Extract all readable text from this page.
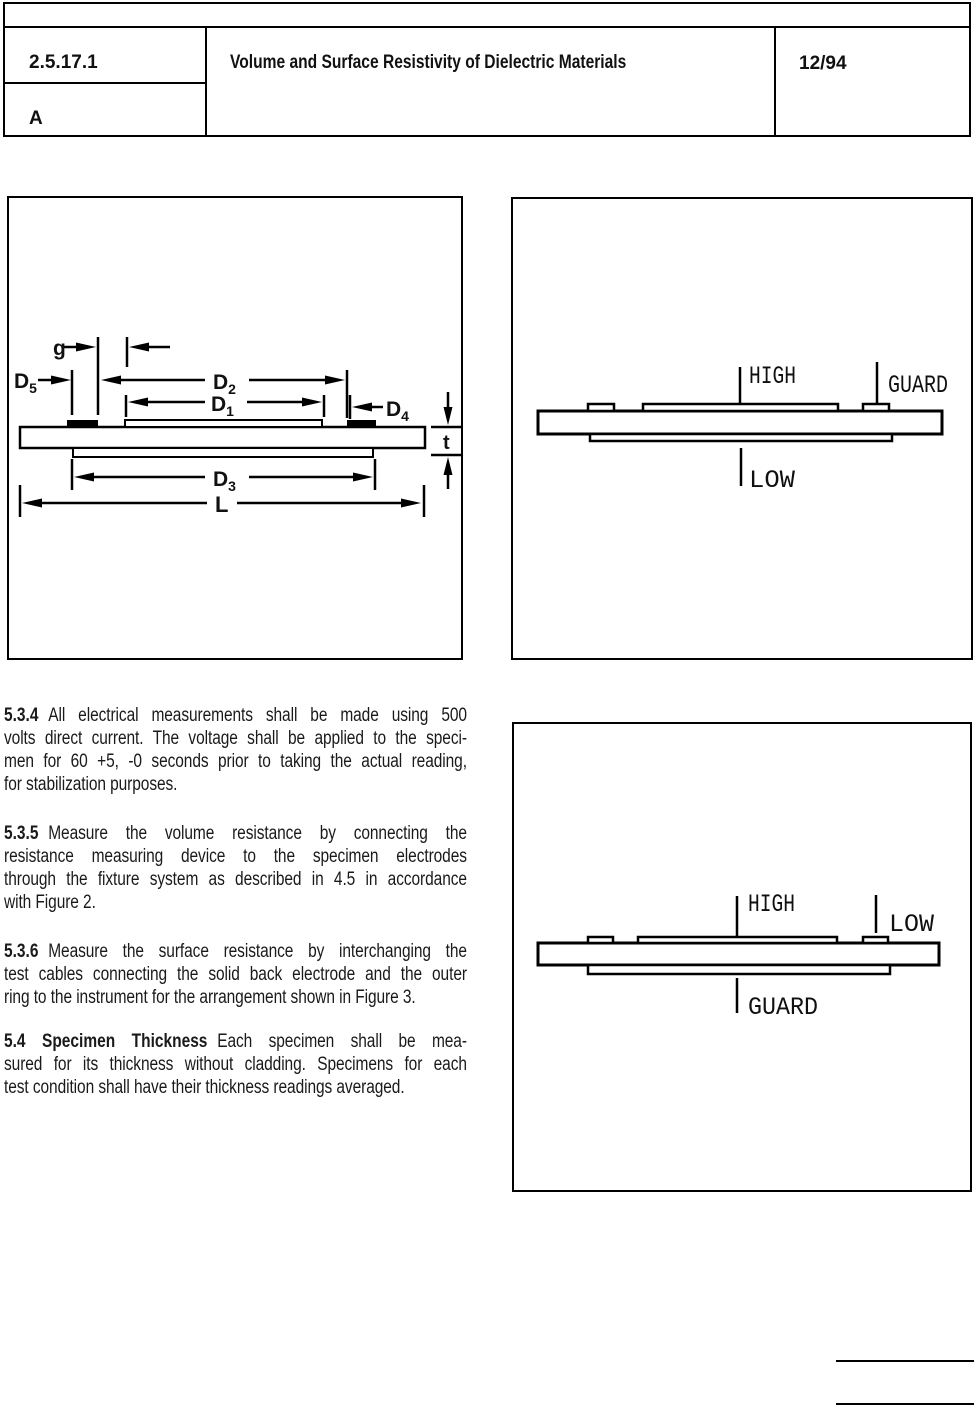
2.5.17.1
A
Volume and Surface Resistivity of Dielectric Materials	12/94
g
$D_5$	$D_2$
$D_1$	$D_4$
t
$D_3$
L
HIGH	GUARD
LOW
HIGH
LOW
GUARD
5.3.4 All electrical measurements shall be made using 500
volts direct current. The voltage shall be applied to the speci-
men for 60 +5, -0 seconds prior to taking the actual reading,
for stabilization purposes.
5.3.5 Measure the volume resistance by connecting the
resistance measuring device to the specimen electrodes
through the fixture system as described in 4.5 in accordance
with Figure 2.
5.3.6 Measure the surface resistance by interchanging the
test cables connecting the solid back electrode and the outer
ring to the instrument for the arrangement shown in Figure 3.
5.4 Specimen Thickness Each specimen shall be mea-
sured for its thickness without cladding. Specimens for each
test condition shall have their thickness readings averaged.
